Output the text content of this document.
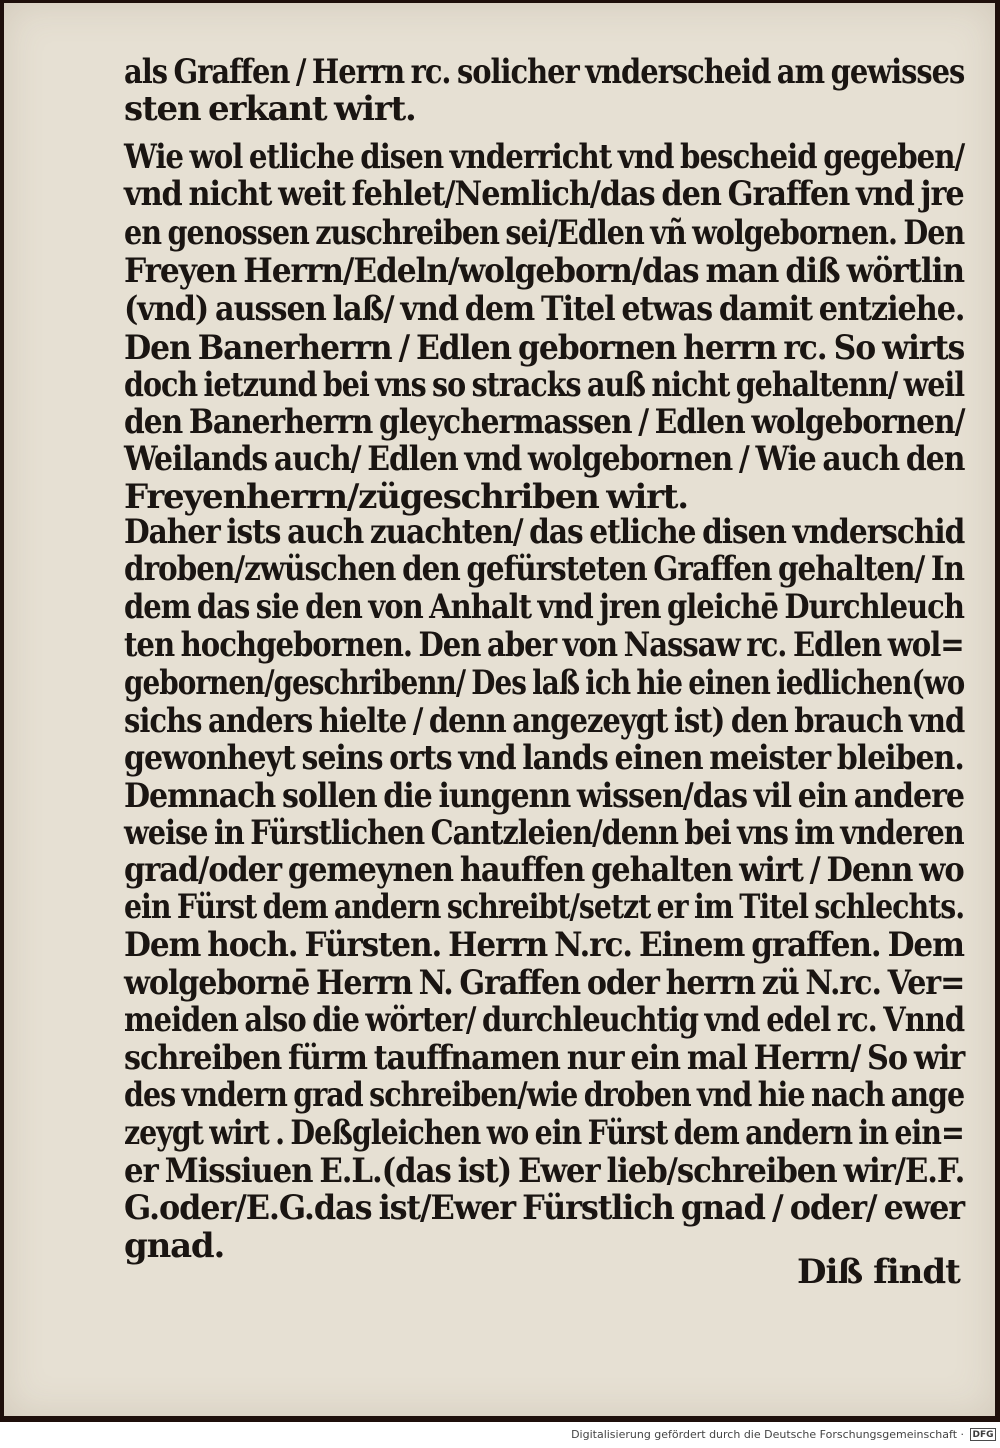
als Graffen / Herrn rc. solicher vnderscheid am gewisses
sten erkant wirt.
Wie wol etliche disen vnderricht vnd bescheid gegeben/
vnd nicht weit fehlet/Nemlich/das den Graffen vnd jre
en genossen zuschreiben sei/Edlen vñ wolgebornen. Den
Freyen Herrn/Edeln/wolgeborn/das man diß wörtlin
(vnd) aussen laß/ vnd dem Titel etwas damit entziehe.
Den Banerherrn / Edlen gebornen herrn rc. So wirts
doch ietzund bei vns so stracks auß nicht gehaltenn/ weil
den Banerherrn gleychermassen / Edlen wolgebornen/
Weilands auch/ Edlen vnd wolgebornen / Wie auch den
Freyenherrn/zügeschriben wirt.
Daher ists auch zuachten/ das etliche disen vnderschid
droben/zwüschen den gefürsteten Graffen gehalten/ In
dem das sie den von Anhalt vnd jren gleichē Durchleuch
ten hochgebornen. Den aber von Nassaw rc. Edlen wol=
gebornen/geschribenn/ Des laß ich hie einen iedlichen(wo
sichs anders hielte / denn angezeygt ist) den brauch vnd
gewonheyt seins orts vnd lands einen meister bleiben.
Demnach sollen die iungenn wissen/das vil ein andere
weise in Fürstlichen Cantzleien/denn bei vns im vnderen
grad/oder gemeynen hauffen gehalten wirt / Denn wo
ein Fürst dem andern schreibt/setzt er im Titel schlechts.
Dem hoch. Fürsten. Herrn N.rc. Einem graffen. Dem
wolgebornē Herrn N. Graffen oder herrn zü N.rc. Ver=
meiden also die wörter/ durchleuchtig vnd edel rc. Vnnd
schreiben fürm tauffnamen nur ein mal Herrn/ So wir
des vndern grad schreiben/wie droben vnd hie nach ange
zeygt wirt . Deßgleichen wo ein Fürst dem andern in ein=
er Missiuen E.L.(das ist) Ewer lieb/schreiben wir/E.F.
G.oder/E.G.das ist/Ewer Fürstlich gnad / oder/ ewer
gnad.
Diß findt
Digitalisierung gefördert durch die Deutsche Forschungsgemeinschaft · DFG
